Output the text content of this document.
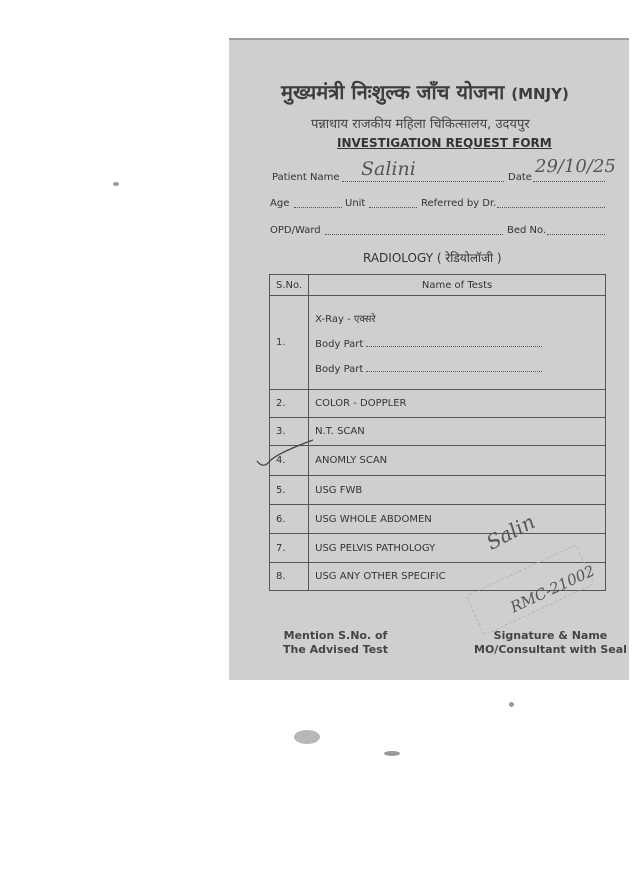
मुख्यमंत्री निःशुल्क जाँच योजना (MNJY)
पन्नाधाय राजकीय महिला चिकित्सालय, उदयपुर
INVESTIGATION REQUEST FORM
Patient Name Salini	Date
29/10/25
Age	Unit	Referred by Dr.
OPD/Ward	Bed No.
RADIOLOGY ( रेडियोलॉजी )
S.No.	Name of Tests
1.	X-Ray - एक्सरे
Body Part
Body Part

2.	COLOR - DOPPLER
3.	N.T. SCAN
4.	ANOMLY SCAN
5.	USG FWB
6.	USG WHOLE ABDOMEN
7.	USG PELVIS PATHOLOGY
8.	USG ANY OTHER SPECIFIC
Salin
RMC-21002
Mention S.No. of
The Advised Test
Signature & Name
MO/Consultant with Seal
